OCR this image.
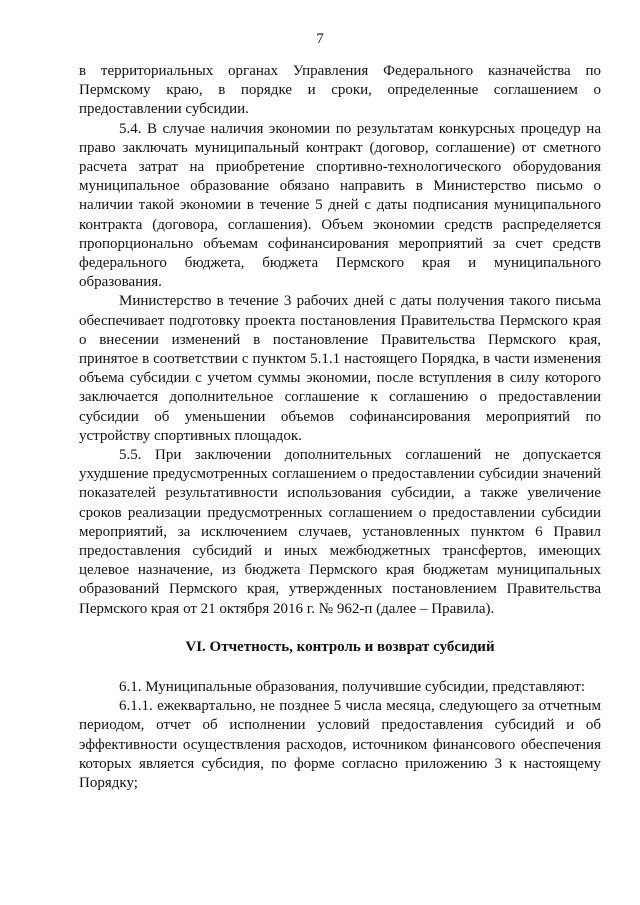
7

в территориальных органах Управления Федерального казначейства по Пермскому краю, в порядке и сроки, определенные соглашением о предоставлении субсидии.

5.4. В случае наличия экономии по результатам конкурсных процедур на право заключать муниципальный контракт (договор, соглашение) от сметного расчета затрат на приобретение спортивно-технологического оборудования муниципальное образование обязано направить в Министерство письмо о наличии такой экономии в течение 5 дней с даты подписания муниципального контракта (договора, соглашения). Объем экономии средств распределяется пропорционально объемам софинансирования мероприятий за счет средств федерального бюджета, бюджета Пермского края и муниципального образования.

Министерство в течение 3 рабочих дней с даты получения такого письма обеспечивает подготовку проекта постановления Правительства Пермского края о внесении изменений в постановление Правительства Пермского края, принятое в соответствии с пунктом 5.1.1 настоящего Порядка, в части изменения объема субсидии с учетом суммы экономии, после вступления в силу которого заключается дополнительное соглашение к соглашению о предоставлении субсидии об уменьшении объемов софинансирования мероприятий по устройству спортивных площадок.

5.5. При заключении дополнительных соглашений не допускается ухудшение предусмотренных соглашением о предоставлении субсидии значений показателей результативности использования субсидии, а также увеличение сроков реализации предусмотренных соглашением о предоставлении субсидии мероприятий, за исключением случаев, установленных пунктом 6 Правил предоставления субсидий и иных межбюджетных трансфертов, имеющих целевое назначение, из бюджета Пермского края бюджетам муниципальных образований Пермского края, утвержденных постановлением Правительства Пермского края от 21 октября 2016 г. № 962-п (далее – Правила).

VI. Отчетность, контроль и возврат субсидий

6.1. Муниципальные образования, получившие субсидии, представляют:

6.1.1. ежеквартально, не позднее 5 числа месяца, следующего за отчетным периодом, отчет об исполнении условий предоставления субсидий и об эффективности осуществления расходов, источником финансового обеспечения которых является субсидия, по форме согласно приложению 3 к настоящему Порядку;
